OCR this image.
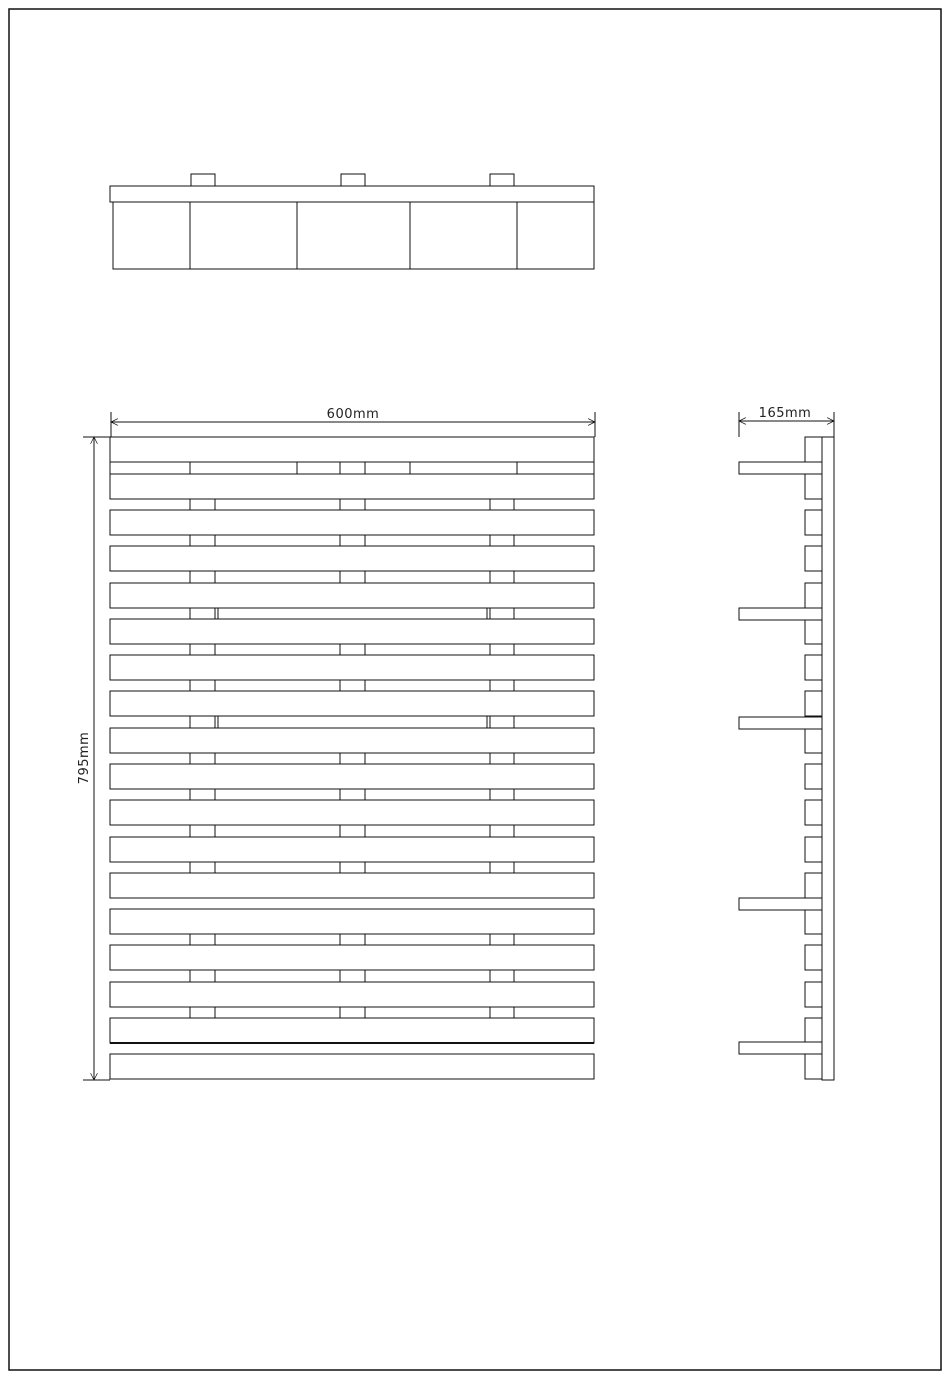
600mm
795mm
165mm
